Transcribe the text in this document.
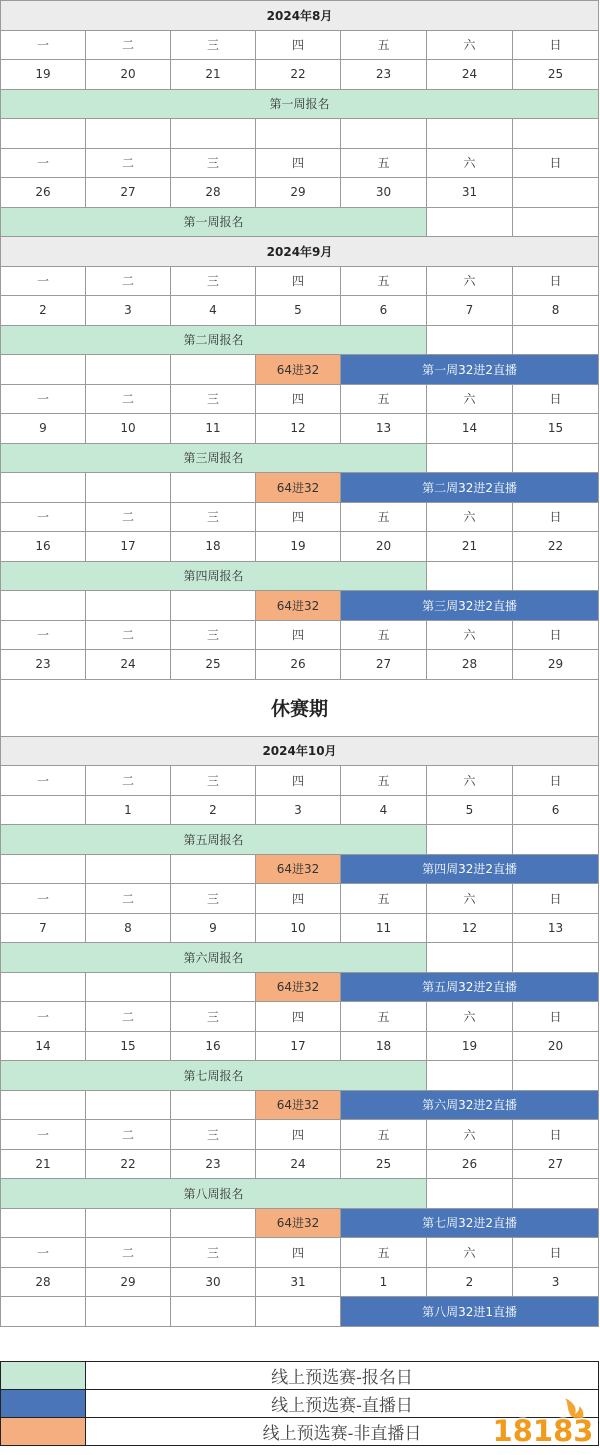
2024年8月						
一	二	三	四	五	六	日
19	20	21	22	23	24	25
第一周报名						

一	二	三	四	五	六	日
26	27	28	29	30	31	
第一周报名						
2024年9月						
一	二	三	四	五	六	日
2	3	4	5	6	7	8
第二周报名						
			64进32	第一周32进2直播		
一	二	三	四	五	六	日
9	10	11	12	13	14	15
第三周报名						
			64进32	第二周32进2直播		
一	二	三	四	五	六	日
16	17	18	19	20	21	22
第四周报名						
			64进32	第三周32进2直播		
一	二	三	四	五	六	日
23	24	25	26	27	28	29
休赛期						
2024年10月						
一	二	三	四	五	六	日
	1	2	3	4	5	6
第五周报名						
			64进32	第四周32进2直播		
一	二	三	四	五	六	日
7	8	9	10	11	12	13
第六周报名						
			64进32	第五周32进2直播		
一	二	三	四	五	六	日
14	15	16	17	18	19	20
第七周报名						
			64进32	第六周32进2直播		
一	二	三	四	五	六	日
21	22	23	24	25	26	27
第八周报名						
			64进32	第七周32进2直播		
一	二	三	四	五	六	日
28	29	30	31	1	2	3
				第八周32进1直播		
	线上预选赛-报名日
	线上预选赛-直播日
	线上预选赛-非直播日 18183
